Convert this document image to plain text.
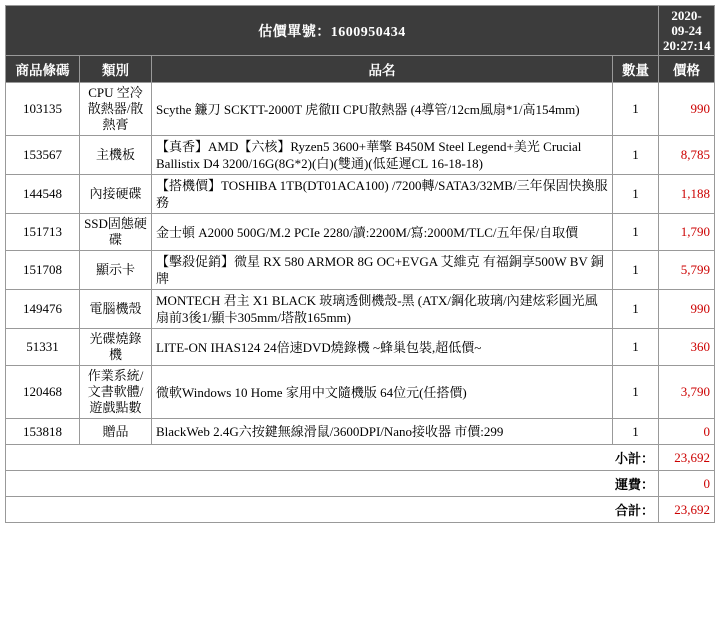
估價單號：1600950434				2020-09-24
20:27:14

商品條碼	類別	品名	數量	價格
103135	CPU 空冷散熱器/散熱膏	Scythe 鐮刀 SCKTT-2000T 虎徹II CPU散熱器 (4導管/12cm風扇*1/高154mm)	1	990
153567	主機板	【真香】AMD【六核】Ryzen5 3600+華擎 B450M Steel Legend+美光 Crucial Ballistix D4 3200/16G(8G*2)(白)(雙通)(低延遲CL 16-18-18)	1	8,785
144548	內接硬碟	【搭機價】TOSHIBA 1TB(DT01ACA100) /7200轉/SATA3/32MB/三年保固快換服務	1	1,188
151713	SSD固態硬碟	金士頓 A2000 500G/M.2 PCIe 2280/讀:2200M/寫:2000M/TLC/五年保/自取價	1	1,790
151708	顯示卡	【擊殺促銷】微星 RX 580 ARMOR 8G OC+EVGA 艾維克 有福銅享500W BV 銅牌	1	5,799
149476	電腦機殼	MONTECH 君主 X1 BLACK 玻璃透側機殼-黑 (ATX/鋼化玻璃/內建炫彩圓光風扇前3後1/顯卡305mm/塔散165mm)	1	990
51331	光碟燒錄機	LITE-ON IHAS124 24倍速DVD燒錄機 ~蜂巢包裝,超低價~	1	360
120468	作業系統/文書軟體/遊戲點數	微軟Windows 10 Home 家用中文隨機版 64位元(任搭價)	1	3,790
153818	贈品	BlackWeb 2.4G六按鍵無線滑鼠/3600DPI/Nano接收器 市價:299	1	0
小計：				23,692
運費：				0
合計：				23,692
